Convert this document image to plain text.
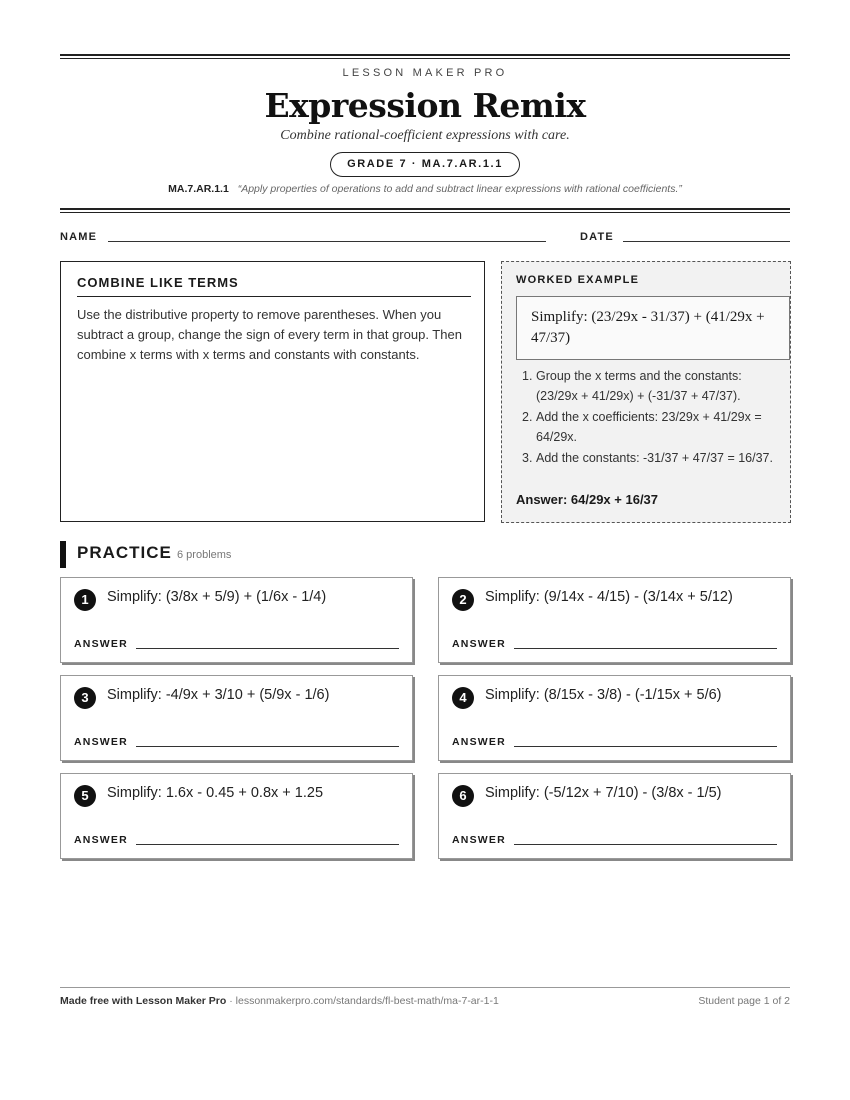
LESSON MAKER PRO
Expression Remix
Combine rational-coefficient expressions with care.
GRADE 7 · MA.7.AR.1.1
MA.7.AR.1.1 “Apply properties of operations to add and subtract linear expressions with rational coefficients.”
NAME	DATE
COMBINE LIKE TERMS
Use the distributive property to remove parentheses. When you subtract a group, change the sign of every term in that group. Then combine x terms with x terms and constants with constants.
WORKED EXAMPLE
Simplify: (23/29x - 31/37) + (41/29x + 47/37)
1. Group the x terms and the constants: (23/29x + 41/29x) + (-31/37 + 47/37).
2. Add the x coefficients: 23/29x + 41/29x = 64/29x.
3. Add the constants: -31/37 + 47/37 = 16/37.
Answer: 64/29x + 16/37
PRACTICE 6 problems
1	Simplify: (3/8x + 5/9) + (1/6x - 1/4)
ANSWER
2	Simplify: (9/14x - 4/15) - (3/14x + 5/12)
ANSWER
3	Simplify: -4/9x + 3/10 + (5/9x - 1/6)
ANSWER
4	Simplify: (8/15x - 3/8) - (-1/15x + 5/6)
ANSWER
5	Simplify: 1.6x - 0.45 + 0.8x + 1.25
ANSWER
6	Simplify: (-5/12x + 7/10) - (3/8x - 1/5)
ANSWER
Made free with Lesson Maker Pro · lessonmakerpro.com/standards/fl-best-math/ma-7-ar-1-1	Student page 1 of 2
